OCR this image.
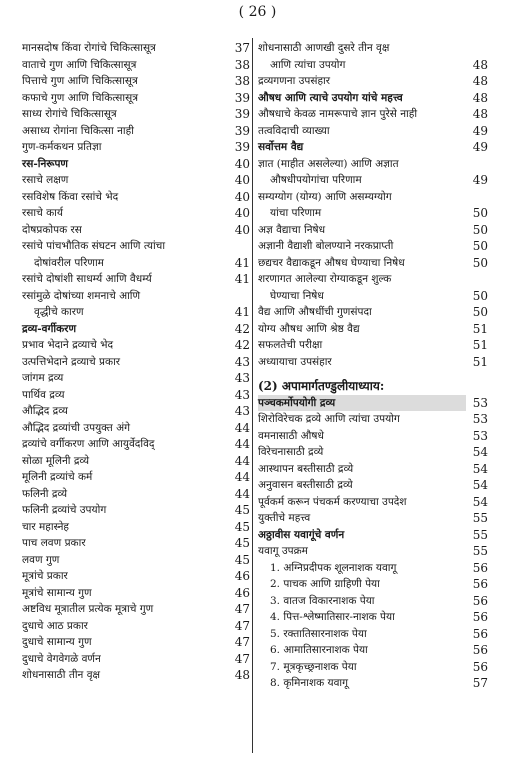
( 26 )
मानसदोष किंवा रोगांचे चिकित्सासूत्र	37
वाताचे गुण आणि चिकित्सासूत्र	38
पित्ताचे गुण आणि चिकित्सासूत्र	38
कफाचे गुण आणि चिकित्सासूत्र	39
साध्य रोगांचे चिकित्सासूत्र	39
असाध्य रोगांना चिकित्सा नाही	39
गुण-कर्मकथन प्रतिज्ञा	39
रस-निरूपण	40
रसाचे लक्षण	40
रसविशेष किंवा रसांचे भेद	40
रसाचे कार्य	40
दोषप्रकोपक रस	40
रसांचे पांचभौतिक संघटन आणि त्यांचा
दोषांवरील परिणाम	41
रसांचे दोषांशी साधर्म्य आणि वैधर्म्य	41
रसांमुळे दोषांच्या शमनाचे आणि
वृद्धीचे कारण	41
द्रव्य-वर्गीकरण	42
प्रभाव भेदाने द्रव्याचे भेद	42
उत्पत्तिभेदाने द्रव्याचे प्रकार	43
जांगम द्रव्य	43
पार्थिव द्रव्य	43
औद्भिद द्रव्य	43
औद्भिद द्रव्यांची उपयुक्त अंगे	44
द्रव्यांचे वर्गीकरण आणि आयुर्वेदविद्	44
सोळा मूलिनी द्रव्ये	44
मूलिनी द्रव्यांचे कर्म	44
फलिनी द्रव्ये	44
फलिनी द्रव्यांचे उपयोग	45
चार महास्नेह	45
पाच लवण प्रकार	45
लवण गुण	45
मूत्रांचे प्रकार	46
मूत्रांचे सामान्य गुण	46
अष्टविध मूत्रातील प्रत्येक मूत्राचे गुण	47
दुधाचे आठ प्रकार	47
दुधाचे सामान्य गुण	47
दुधाचे वेगवेगळे वर्णन	47
शोधनासाठी तीन वृक्ष	48
शोधनासाठी आणखी दुसरे तीन वृक्ष
आणि त्यांचा उपयोग	48
द्रव्यगणना उपसंहार	48
औषध आणि त्याचे उपयोग यांचे महत्त्व	48
औषधाचे केवळ नामरूपाचे ज्ञान पुरेसे नाही	48
तत्वविदाची व्याख्या	49
सर्वोत्तम वैद्य	49
ज्ञात (माहीत असलेल्या) आणि अज्ञात
औषधीपयोगांचा परिणाम	49
सम्यग्योग (योग्य) आणि असम्यग्योग
यांचा परिणाम	50
अज्ञ वैद्याचा निषेध	50
अज्ञानी वैद्याशी बोलण्याने नरकप्राप्ती	50
छद्यचर वैद्याकडून औषध घेण्याचा निषेध	50
शरणागत आलेल्या रोग्याकडून शुल्क
घेण्याचा निषेध	50
वैद्य आणि औषधींची गुणसंपदा	50
योग्य औषध आणि श्रेष्ठ वैद्य	51
सफलतेची परीक्षा	51
अध्यायाचा उपसंहार	51
(2) अपामार्गतण्डुलीयाध्याय:
पञ्चकर्मोपयोगी द्रव्य	53
शिरोविरेचक द्रव्ये आणि त्यांचा उपयोग	53
वमनासाठी औषधे	53
विरेचनासाठी द्रव्ये	54
आस्थापन बस्तीसाठी द्रव्ये	54
अनुवासन बस्तीसाठी द्रव्ये	54
पूर्वकर्म करून पंचकर्म करण्याचा उपदेश	54
युक्तीचे महत्त्व	55
अठ्ठावीस यवागूंचे वर्णन	55
यवागू उपक्रम	55
1. अग्निप्रदीपक शूलनाशक यवागू	56
2. पाचक आणि ग्राहिणी पेया	56
3. वातज विकारनाशक पेया	56
4. पित्त-श्लेष्मातिसार-नाशक पेया	56
5. रक्तातिसारनाशक पेया	56
6. आमातिसारनाशक पेया	56
7. मूत्रकृच्छ्रनाशक पेया	56
8. कृमिनाशक यवागू	57
